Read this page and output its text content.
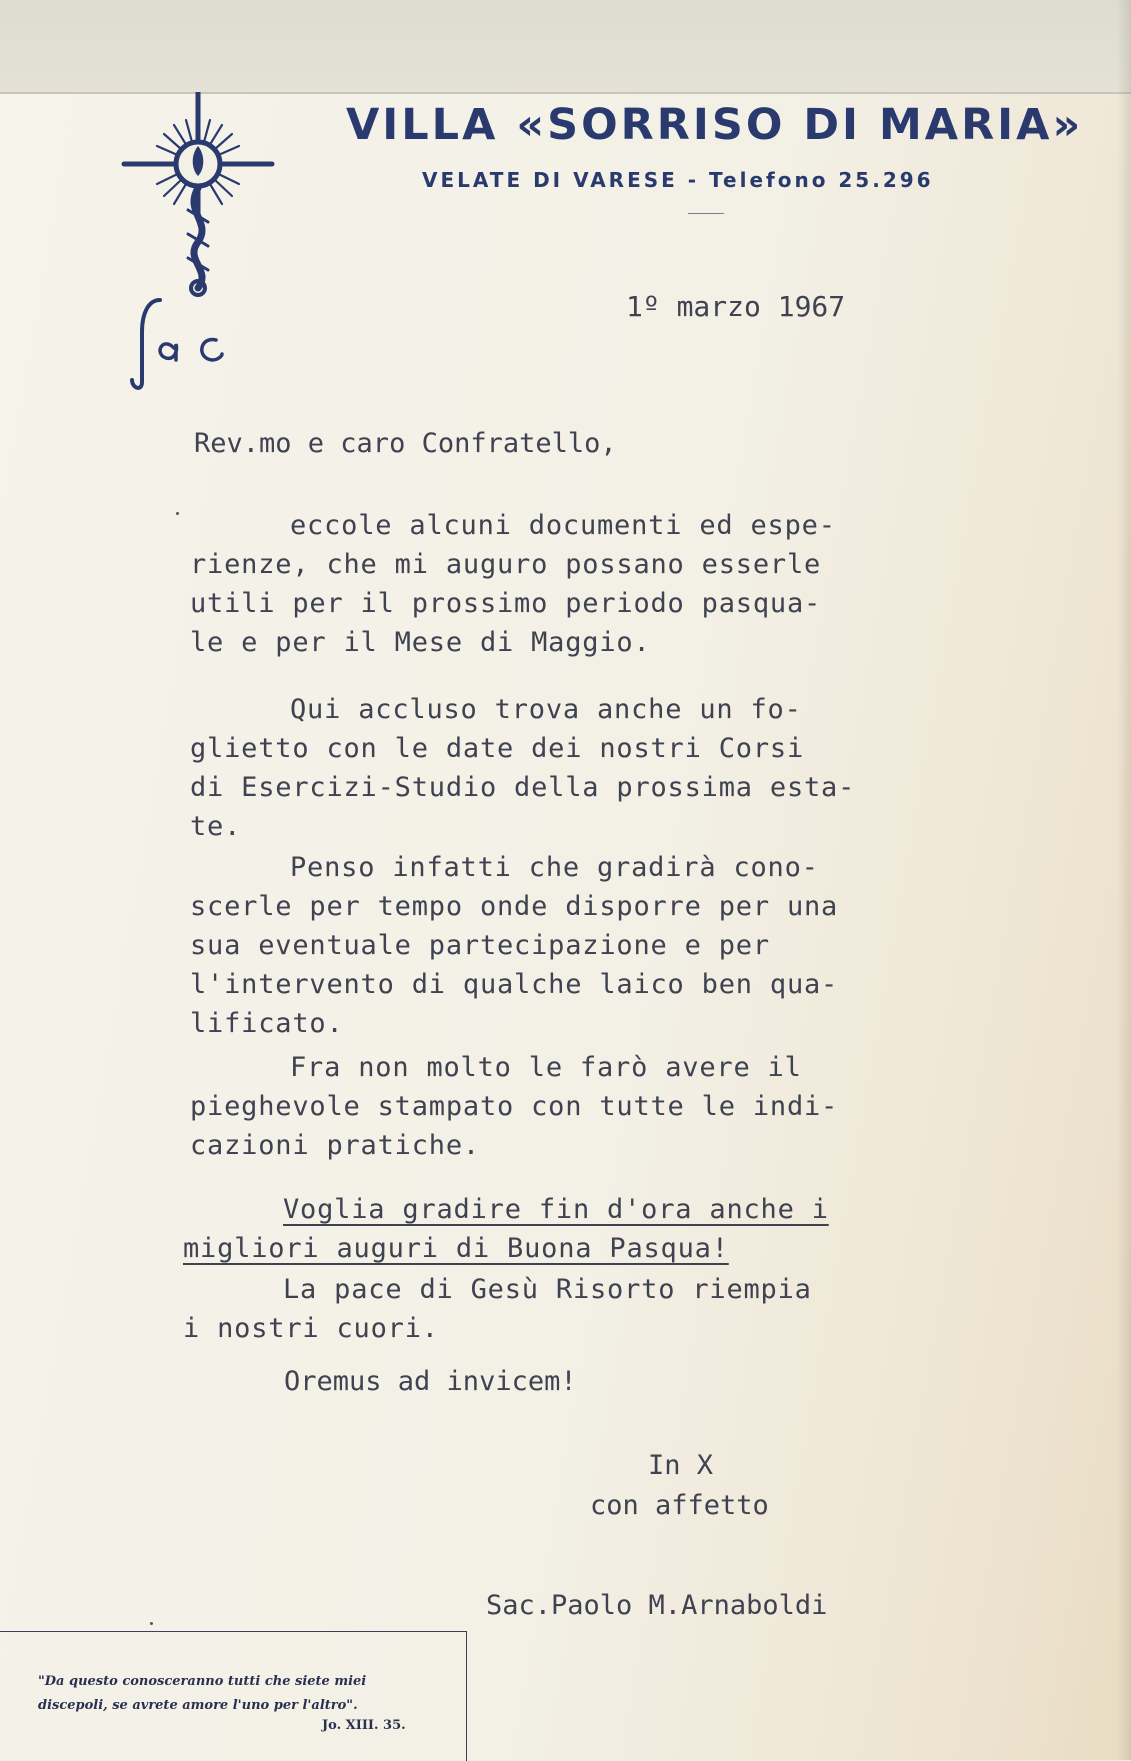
VILLA «SORRISO DI MARIA»
VELATE DI VARESE - Telefono 25.296

1º marzo 1967

Rev.mo e caro Confratello,

eccole alcuni documenti ed espe-
rienze, che mi auguro possano esserle
utili per il prossimo periodo pasqua-
le e per il Mese di Maggio.
Qui accluso trova anche un fo-
glietto con le date dei nostri Corsi
di Esercizi-Studio della prossima esta-
te.
Penso infatti che gradirà cono-
scerle per tempo onde disporre per una
sua eventuale partecipazione e per
l'intervento di qualche laico ben qua-
lificato.
Fra non molto le farò avere il
pieghevole stampato con tutte le indi-
cazioni pratiche.
Voglia gradire fin d'ora anche i
migliori auguri di Buona Pasqua!
La pace di Gesù Risorto riempia
i nostri cuori.

Oremus ad invicem!

In X

con affetto

Sac.Paolo M.Arnaboldi

"Da questo conosceranno tutti che siete miei
discepoli, se avrete amore l'uno per l'altro".
Jo. XIII. 35.
